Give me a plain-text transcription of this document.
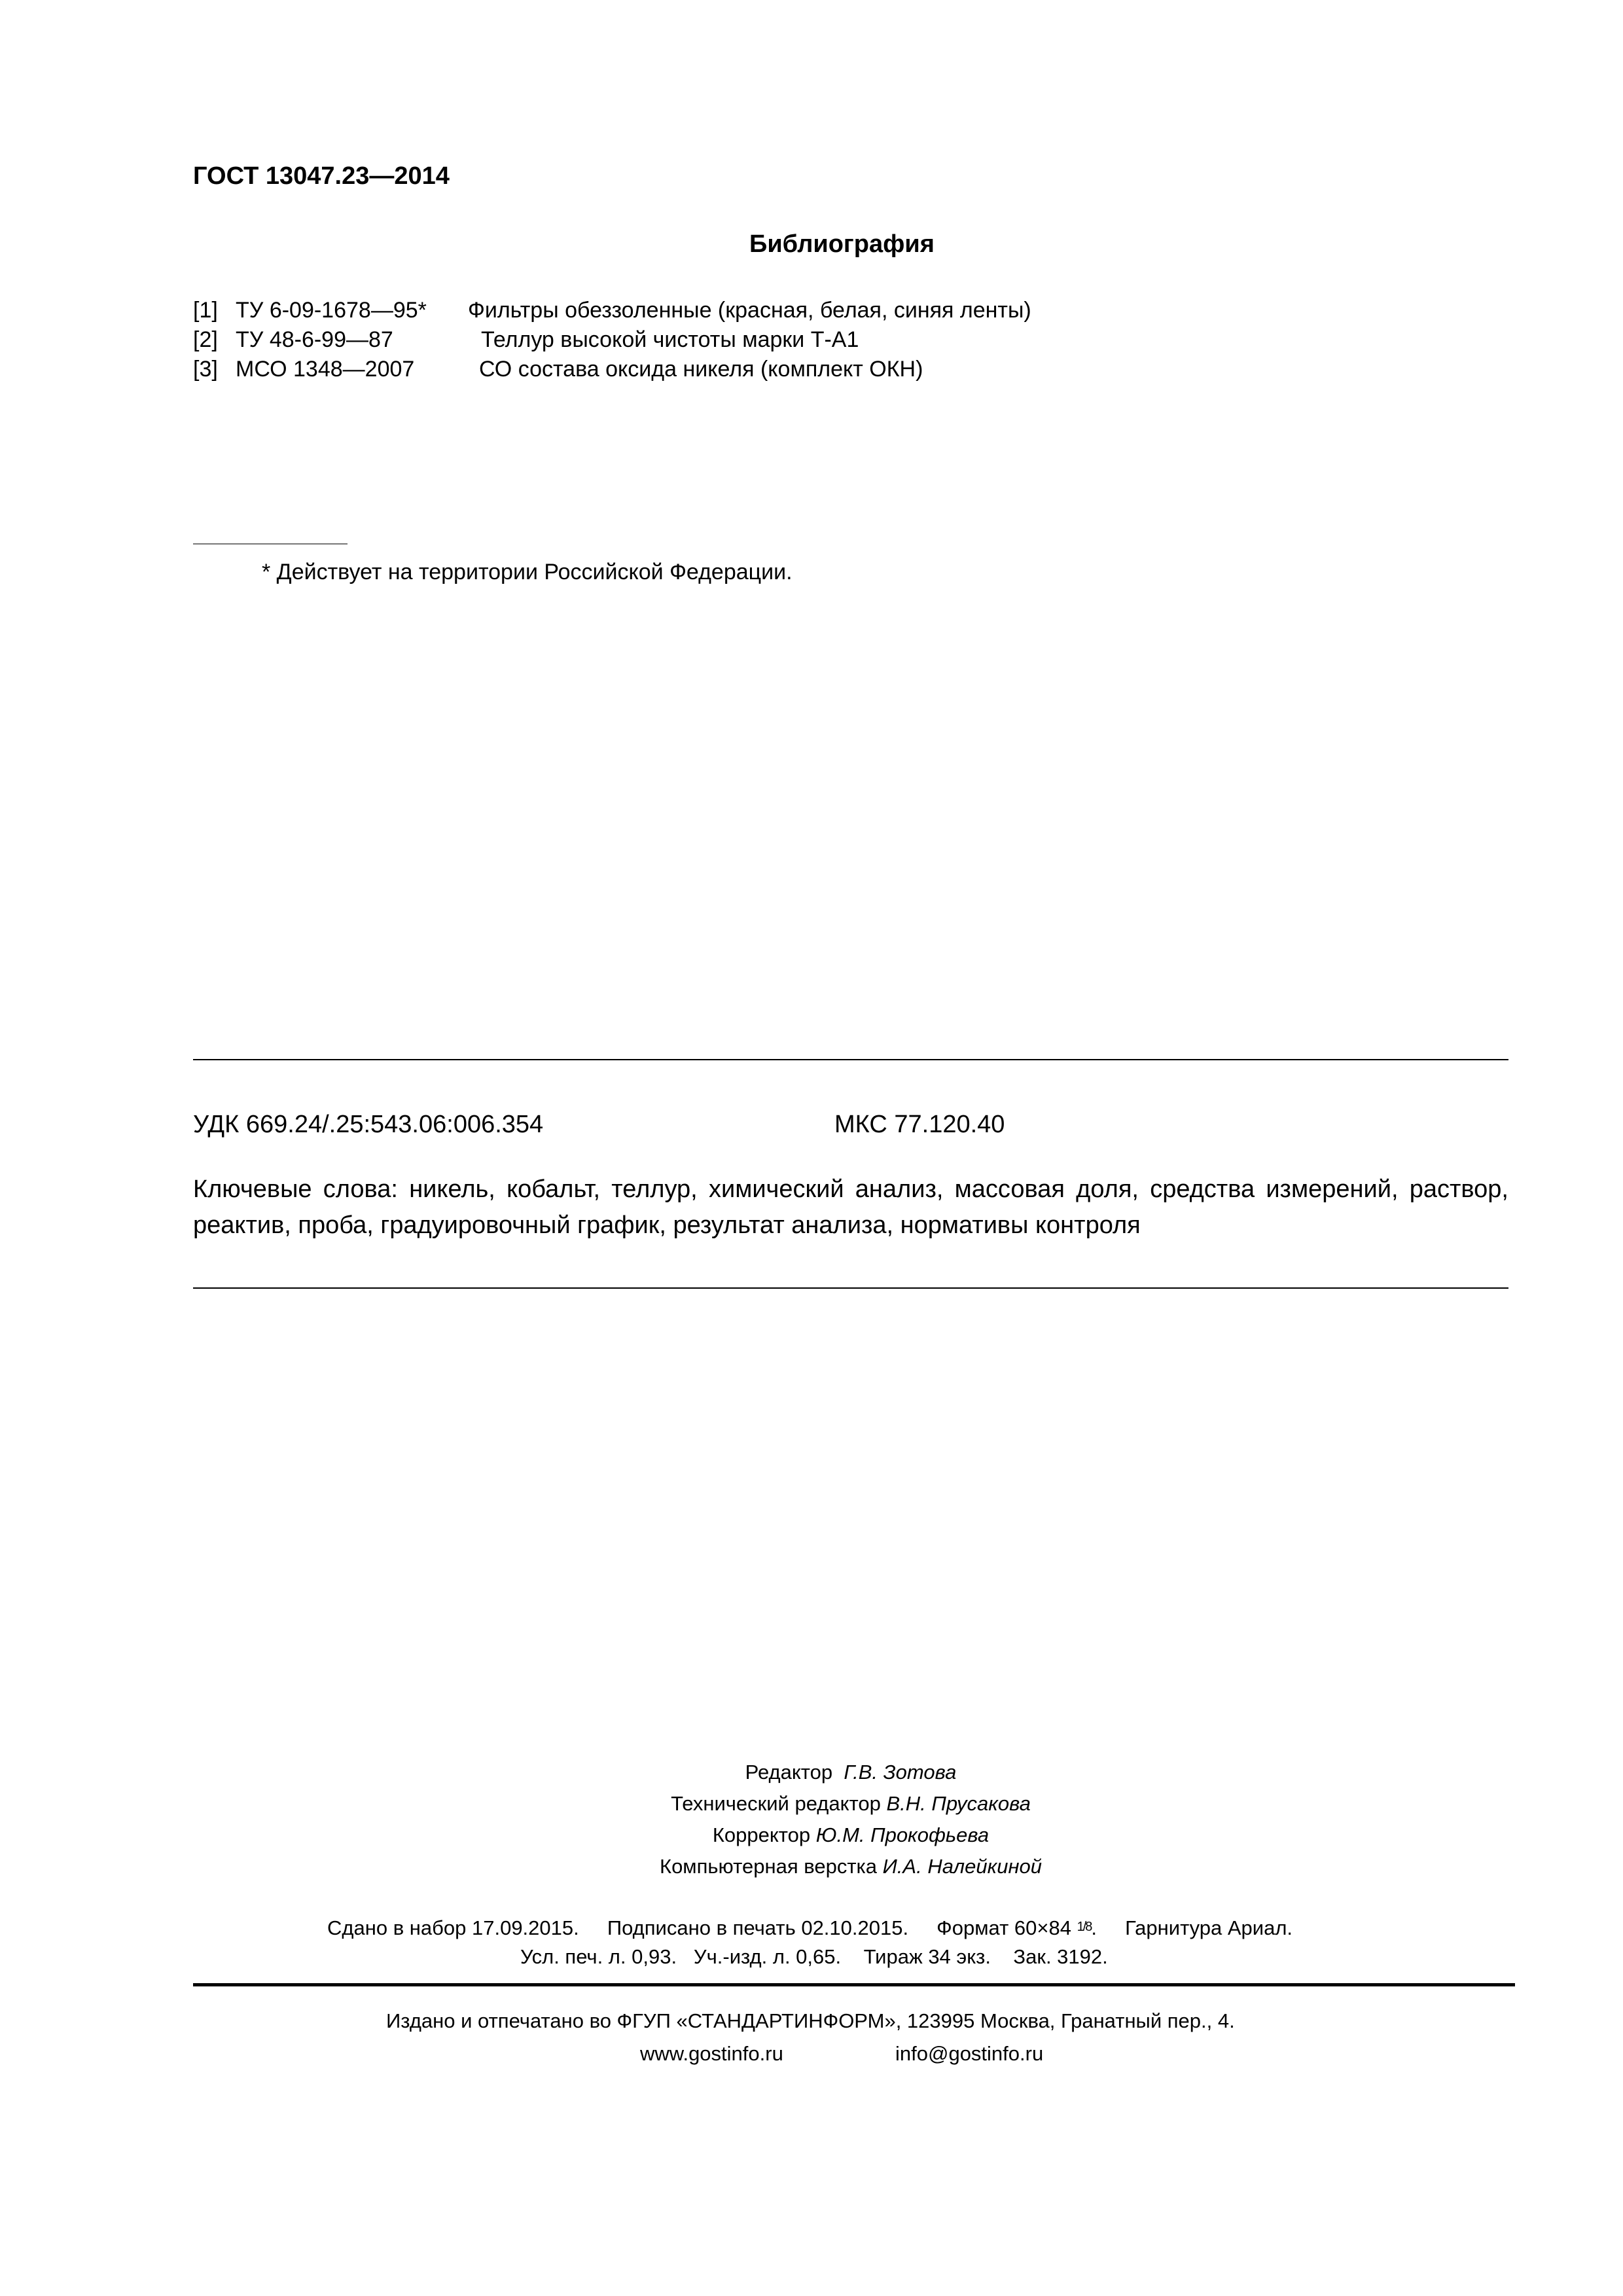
ГОСТ 13047.23—2014
Библиография
[1] ТУ 6-09-1678—95* Фильтры обеззоленные (красная, белая, синяя ленты)
[2] ТУ 48-6-99—87	Теллур высокой чистоты марки Т-А1
[3] МСО 1348—2007	СО состава оксида никеля (комплект ОКН)
* Действует на территории Российской Федерации.
УДК 669.24/.25:543.06:006.354	МКС 77.120.40
Ключевые слова: никель, кобальт, теллур, химический анализ, массовая доля, средства измерений, раствор, реактив, проба, градуировочный график, результат анализа, нормативы контроля
Редактор Г.В. Зотова
Технический редактор В.Н. Прусакова
Корректор Ю.М. Прокофьева
Компьютерная верстка И.А. Налейкиной
Сдано в набор 17.09.2015. Подписано в печать 02.10.2015. Формат 60×84 1/8.     Гарнитура Ариал.
Усл. печ. л. 0,93. Уч.-изд. л. 0,65. Тираж 34 экз. Зак. 3192.
Издано и отпечатано во ФГУП «СТАНДАРТИНФОРМ», 123995 Москва, Гранатный пер., 4.
www.gostinfo.ru	info@gostinfo.ru
